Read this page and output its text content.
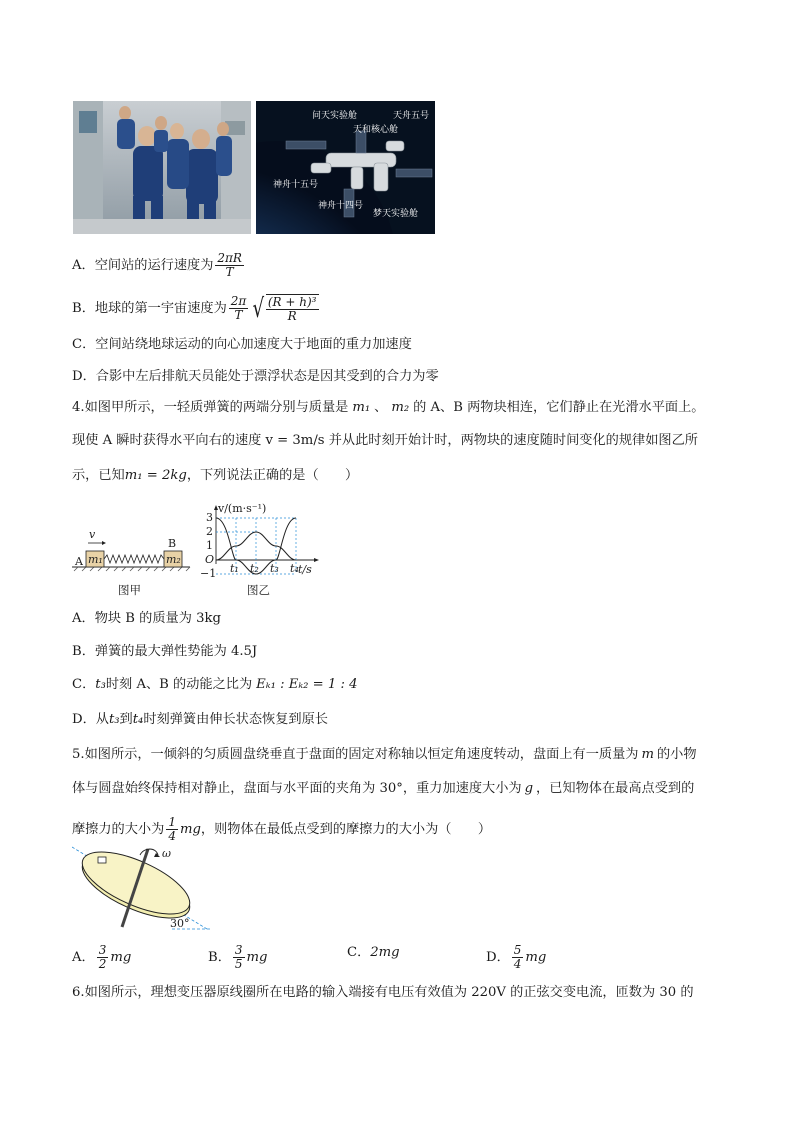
问天实验舱	天舟五号
天和核心舱
神舟十五号
神舟十四号
梦天实验舱
A．空间站的运行速度为 $\frac{2\pi R}{T}$
B．地球的第一宇宙速度为 $\frac{2\pi}{T}$ √ $\frac{\text{(R + h)³}}{R}$
C．空间站绕地球运动的向心加速度大于地面的重力加速度
D．合影中左后排航天员能处于漂浮状态是因其受到的合力为零
4.如图甲所示，一轻质弹簧的两端分别与质量是 m₁ 、 m₂ 的 A、B 两物块相连，它们静止在光滑水平面上。
现使 A 瞬时获得水平向右的速度 v = 3m/s 并从此时刻开始计时，两物块的速度随时间变化的规律如图乙所
示，已知m₁ = 2kg，下列说法正确的是（　　）
v
A
B
m₁	m₂
图甲
v/(m·s⁻¹)
t/s
3
2
1
O
−1 t₁ t₂ t₃ t₄
图乙
A．物块 B 的质量为 3kg
B．弹簧的最大弹性势能为 4.5J
C．t₃时刻 A、B 的动能之比为 Eₖ₁ : Eₖ₂ = 1 : 4
D．从t₃到t₄时刻弹簧由伸长状态恢复到原长
5.如图所示，一倾斜的匀质圆盘绕垂直于盘面的固定对称轴以恒定角速度转动，盘面上有一质量为 m 的小物
体与圆盘始终保持相对静止，盘面与水平面的夹角为 30°，重力加速度大小为 g ，已知物体在最高点受到的
摩擦力的大小为 $\frac{1}{4}$ mg，则物体在最低点受到的摩擦力的大小为（　　）
ω
30°
A． $\frac{3}{2}$ mg	B． $\frac{3}{5}$ mg	C．2mg	D． $\frac{5}{4}$ mg
6.如图所示，理想变压器原线圈所在电路的输入端接有电压有效值为 220V 的正弦交变电流，匝数为 30 的
